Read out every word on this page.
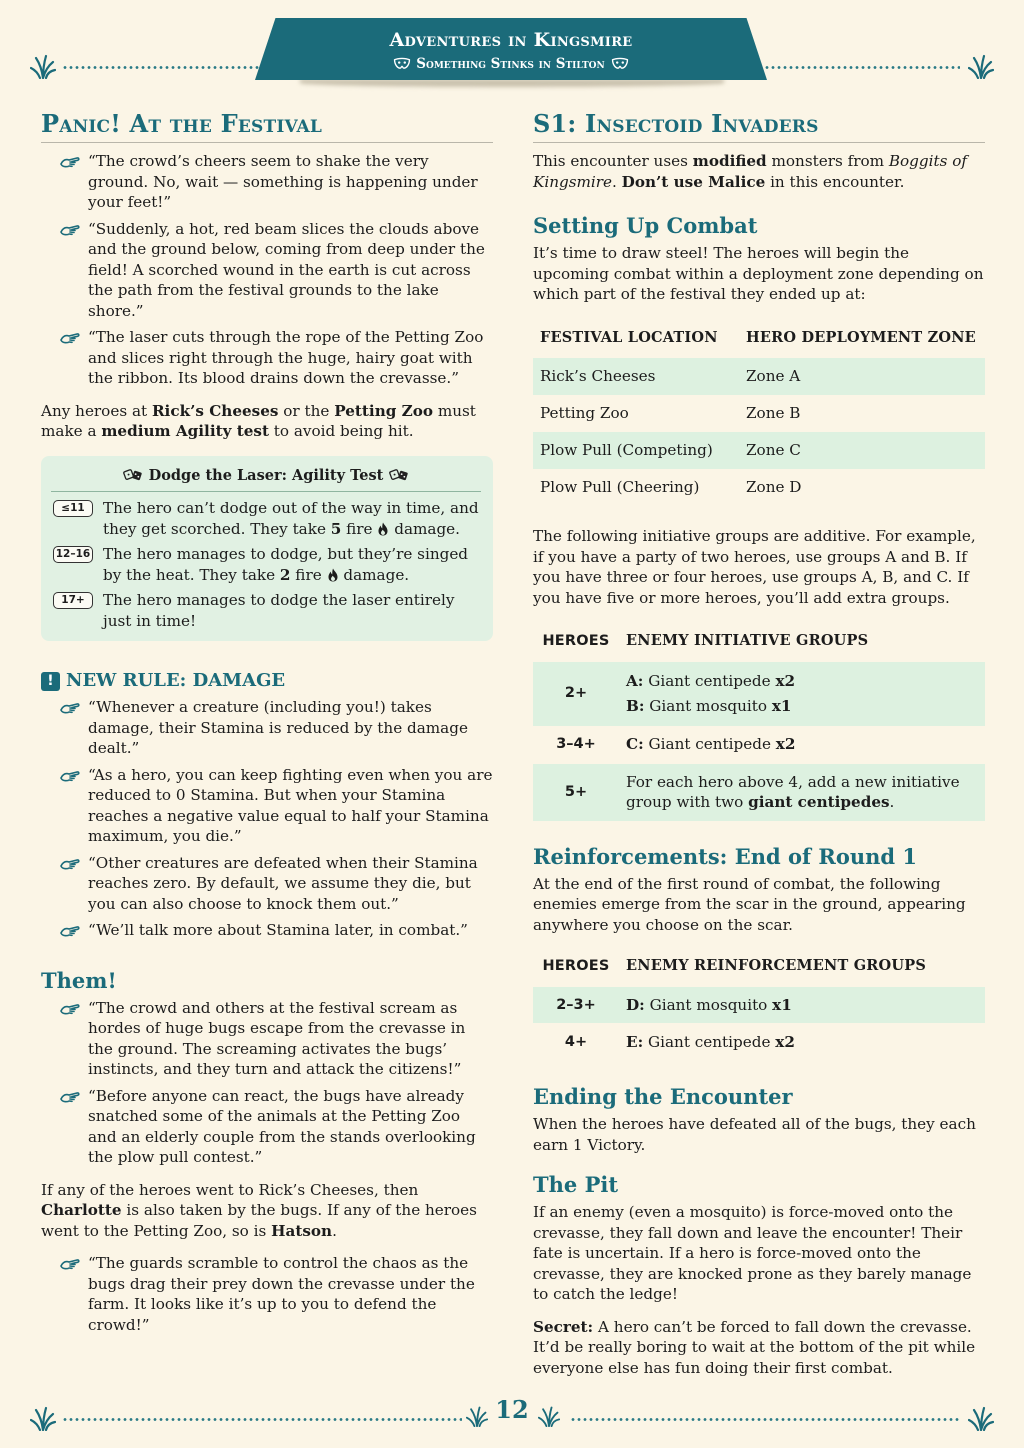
Adventures in Kingsmire
Something Stinks in Stilton
Panic! At the Festival
“The crowd’s cheers seem to shake the very ground. No, wait — something is happening under your feet!”
“Suddenly, a hot, red beam slices the clouds above and the ground below, coming from deep under the field! A scorched wound in the earth is cut across the path from the festival grounds to the lake shore.”
“The laser cuts through the rope of the Petting Zoo and slices right through the huge, hairy goat with the ribbon. Its blood drains down the crevasse.”

Any heroes at Rick’s Cheeses or the Petting Zoo must make a medium Agility test to avoid being hit.

Dodge the Laser: Agility Test
≤11	The hero can’t dodge out of the way in time, and they get scorched. They take 5 fire  damage.
12–16 The hero manages to dodge, but they’re singed by the heat. They take 2 fire  damage.
17+	The hero manages to dodge the laser entirely just in time!
! NEW RULE: DAMAGE
“Whenever a creature (including you!) takes damage, their Stamina is reduced by the damage dealt.”
“As a hero, you can keep fighting even when you are reduced to 0 Stamina. But when your Stamina reaches a negative value equal to half your Stamina maximum, you die.”
“Other creatures are defeated when their Stamina reaches zero. By default, we assume they die, but you can also choose to knock them out.”
“We’ll talk more about Stamina later, in combat.”
Them!
“The crowd and others at the festival scream as hordes of huge bugs escape from the crevasse in the ground. The screaming activates the bugs’ instincts, and they turn and attack the citizens!”
“Before anyone can react, the bugs have already snatched some of the animals at the Petting Zoo and an elderly couple from the stands overlooking the plow pull contest.”

If any of the heroes went to Rick’s Cheeses, then Charlotte is also taken by the bugs. If any of the heroes went to the Petting Zoo, so is Hatson.

“The guards scramble to control the chaos as the bugs drag their prey down the crevasse under the farm. It looks like it’s up to you to defend the crowd!”
S1: Insectoid Invaders

This encounter uses modified monsters from Boggits of Kingsmire. Don’t use Malice in this encounter.

Setting Up Combat

It’s time to draw steel! The heroes will begin the upcoming combat within a deployment zone depending on which part of the festival they ended up at:

FESTIVAL LOCATION	HERO DEPLOYMENT ZONE
Rick’s Cheeses	Zone A
Petting Zoo	Zone B
Plow Pull (Competing)	Zone C
Plow Pull (Cheering)	Zone D

The following initiative groups are additive. For example, if you have a party of two heroes, use groups A and B. If you have three or four heroes, use groups A, B, and C. If you have five or more heroes, you’ll add extra groups.

HEROES	ENEMY INITIATIVE GROUPS
2+	A: Giant centipede x2
B: Giant mosquito x1

3–4+	C: Giant centipede x2
5+	For each hero above 4, add a new initiative group with two giant centipedes.
Reinforcements: End of Round 1

At the end of the first round of combat, the following enemies emerge from the scar in the ground, appearing anywhere you choose on the scar.

HEROES	ENEMY REINFORCEMENT GROUPS
2–3+	D: Giant mosquito x1
4+	E: Giant centipede x2
Ending the Encounter

When the heroes have defeated all of the bugs, they each earn 1 Victory.

The Pit

If an enemy (even a mosquito) is force-moved onto the crevasse, they fall down and leave the encounter! Their fate is uncertain. If a hero is force-moved onto the crevasse, they are knocked prone as they barely manage to catch the ledge!

Secret: A hero can’t be forced to fall down the crevasse. It’d be really boring to wait at the bottom of the pit while everyone else has fun doing their first combat.

12
